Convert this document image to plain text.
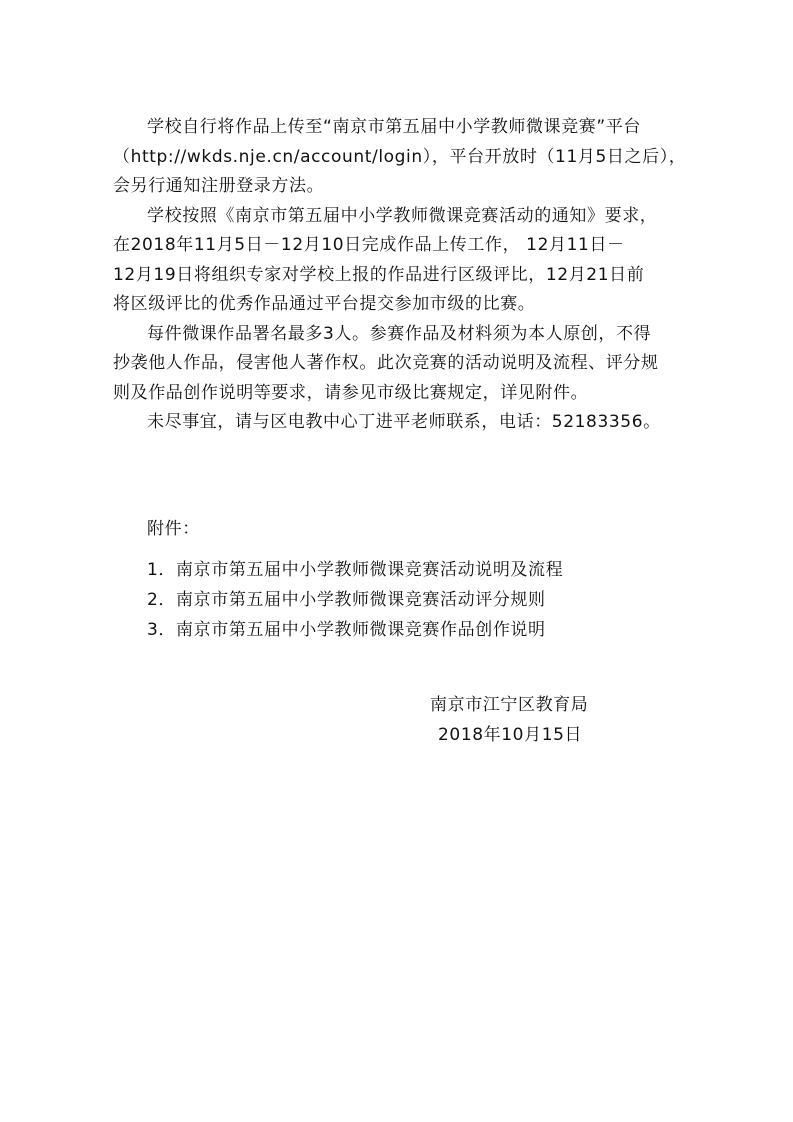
学校自行将作品上传至“南京市第五届中小学教师微课竞赛”平台
（http://wkds.nje.cn/account/login），平台开放时（11月5日之后），
会另行通知注册登录方法。

学校按照《南京市第五届中小学教师微课竞赛活动的通知》要求，
在2018年11月5日－12月10日完成作品上传工作， 12月11日－
12月19日将组织专家对学校上报的作品进行区级评比，12月21日前
将区级评比的优秀作品通过平台提交参加市级的比赛。

每件微课作品署名最多3人。参赛作品及材料须为本人原创，不得
抄袭他人作品，侵害他人著作权。此次竞赛的活动说明及流程、评分规
则及作品创作说明等要求，请参见市级比赛规定，详见附件。

未尽事宜，请与区电教中心丁进平老师联系，电话：52183356。

附件：
1．南京市第五届中小学教师微课竞赛活动说明及流程
2．南京市第五届中小学教师微课竞赛活动评分规则
3．南京市第五届中小学教师微课竞赛作品创作说明
南京市江宁区教育局
2018年10月15日
